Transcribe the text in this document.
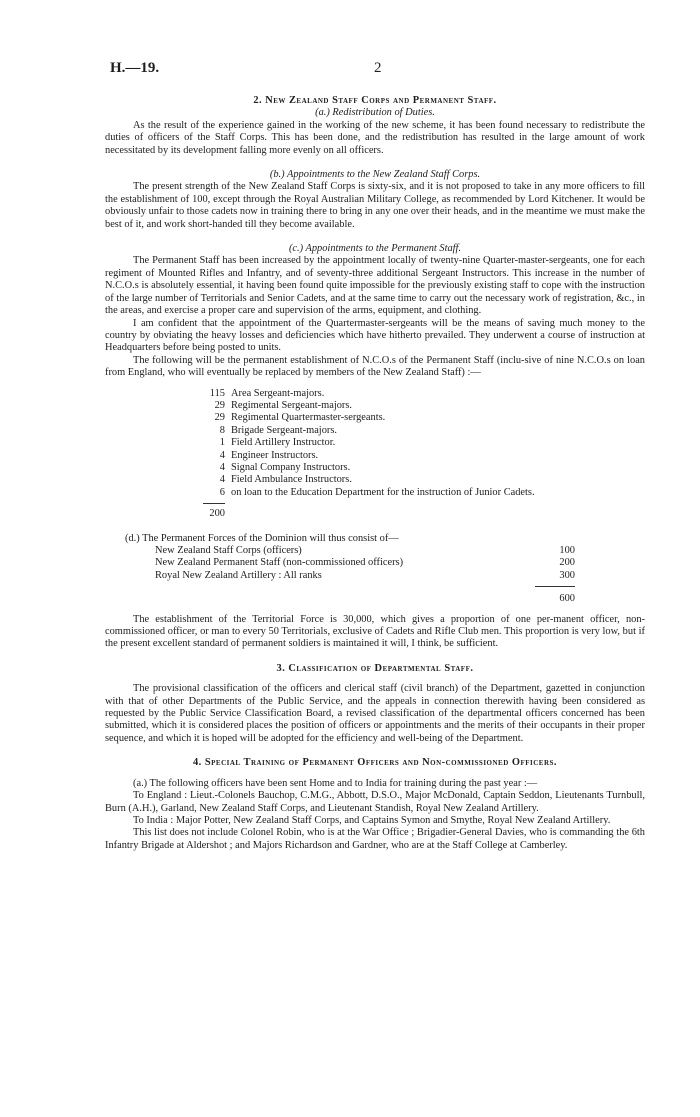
H.—19.	2
2. New Zealand Staff Corps and Permanent Staff.
(a.) Redistribution of Duties.

As the result of the experience gained in the working of the new scheme, it has been found necessary to redistribute the duties of officers of the Staff Corps. This has been done, and the redistribution has resulted in the large amount of work necessitated by its development falling more evenly on all officers.

(b.) Appointments to the New Zealand Staff Corps.

The present strength of the New Zealand Staff Corps is sixty-six, and it is not proposed to take in any more officers to fill the establishment of 100, except through the Royal Australian Military College, as recommended by Lord Kitchener. It would be obviously unfair to those cadets now in training there to bring in any one over their heads, and in the meantime we must make the best of it, and work short-handed till they become available.

(c.) Appointments to the Permanent Staff.

The Permanent Staff has been increased by the appointment locally of twenty-nine Quarter-master-sergeants, one for each regiment of Mounted Rifles and Infantry, and of seventy-three additional Sergeant Instructors. This increase in the number of N.C.O.s is absolutely essential, it having been found quite impossible for the previously existing staff to cope with the instruction of the large number of Territorials and Senior Cadets, and at the same time to carry out the necessary work of registration, &c., in the areas, and exercise a proper care and supervision of the arms, equipment, and clothing.

I am confident that the appointment of the Quartermaster-sergeants will be the means of saving much money to the country by obviating the heavy losses and deficiencies which have hitherto prevailed. They underwent a course of instruction at Headquarters before being posted to units.

The following will be the permanent establishment of N.C.O.s of the Permanent Staff (inclu-sive of nine N.C.O.s on loan from England, who will eventually be replaced by members of the New Zealand Staff) :—

115 Area Sergeant-majors.
29 Regimental Sergeant-majors.
29 Regimental Quartermaster-sergeants.
8 Brigade Sergeant-majors.
1 Field Artillery Instructor.
4 Engineer Instructors.
4 Signal Company Instructors.
4 Field Ambulance Instructors.
6 on loan to the Education Department for the instruction of Junior Cadets.
200
(d.) The Permanent Forces of the Dominion will thus consist of—
New Zealand Staff Corps (officers)	100
New Zealand Permanent Staff (non-commissioned officers)	200
Royal New Zealand Artillery : All ranks	300
600

The establishment of the Territorial Force is 30,000, which gives a proportion of one per-manent officer, non-commissioned officer, or man to every 50 Territorials, exclusive of Cadets and Rifle Club men. This proportion is very low, but if the present excellent standard of permanent soldiers is maintained it will, I think, be sufficient.

3. Classification of Departmental Staff.

The provisional classification of the officers and clerical staff (civil branch) of the Department, gazetted in conjunction with that of other Departments of the Public Service, and the appeals in connection therewith having been considered as requested by the Public Service Classification Board, a revised classification of the departmental officers concerned has been submitted, which it is considered places the position of officers or appointments and the merits of their occupants in their proper sequence, and which it is hoped will be adopted for the efficiency and well-being of the Department.

4. Special Training of Permanent Officers and Non-commissioned Officers.

(a.) The following officers have been sent Home and to India for training during the past year :—

To England : Lieut.-Colonels Bauchop, C.M.G., Abbott, D.S.O., Major McDonald, Captain Seddon, Lieutenants Turnbull, Burn (A.H.), Garland, New Zealand Staff Corps, and Lieutenant Standish, Royal New Zealand Artillery.

To India : Major Potter, New Zealand Staff Corps, and Captains Symon and Smythe, Royal New Zealand Artillery.

This list does not include Colonel Robin, who is at the War Office ; Brigadier-General Davies, who is commanding the 6th Infantry Brigade at Aldershot ; and Majors Richardson and Gardner, who are at the Staff College at Camberley.
